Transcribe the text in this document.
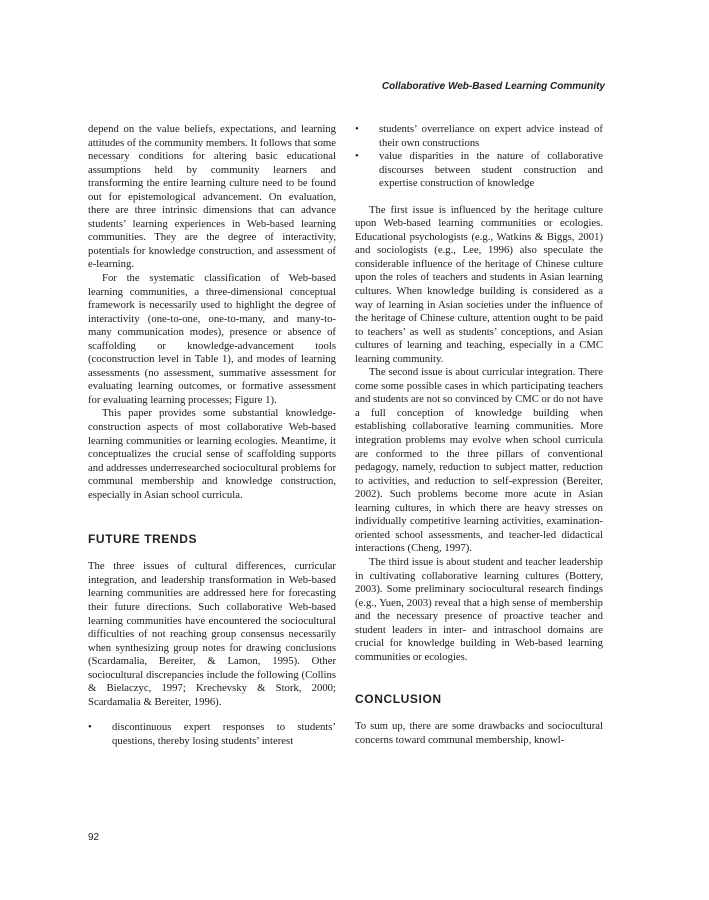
Collaborative Web-Based Learning Community

depend on the value beliefs, expectations, and learning attitudes of the community members. It follows that some necessary conditions for altering basic educational assumptions held by community learners and transforming the entire learning culture need to be found out for epistemological advancement. On evaluation, there are three intrinsic dimensions that can advance students’ learning experiences in Web-based learning communities. They are the degree of interactivity, potentials for knowledge construction, and assessment of e-learning.

For the systematic classification of Web-based learning communities, a three-dimensional conceptual framework is necessarily used to highlight the degree of interactivity (one-to-one, one-to-many, and many-to-many communication modes), presence or absence of scaffolding or knowledge-advancement tools (coconstruction level in Table 1), and modes of learning assessments (no assessment, summative assessment for evaluating learning outcomes, or formative assessment for evaluating learning processes; Figure 1).

This paper provides some substantial knowledge-construction aspects of most collaborative Web-based learning communities or learning ecologies. Meantime, it conceptualizes the crucial sense of scaffolding supports and addresses underresearched sociocultural problems for communal membership and knowledge construction, especially in Asian school curricula.

FUTURE TRENDS

The three issues of cultural differences, curricular integration, and leadership transformation in Web-based learning communities are addressed here for forecasting their future directions. Such collaborative Web-based learning communities have encountered the sociocultural difficulties of not reaching group consensus necessarily when synthesizing group notes for drawing conclusions (Scardamalia, Bereiter, & Lamon, 1995). Other sociocultural discrepancies include the following (Collins & Bielaczyc, 1997; Krechevsky & Stork, 2000; Scardamalia & Bereiter, 1996).

• discontinuous expert responses to students’ questions, thereby losing students’ interest
• students’ overreliance on expert advice instead of their own constructions
• value disparities in the nature of collaborative discourses between student construction and expertise construction of knowledge

The first issue is influenced by the heritage culture upon Web-based learning communities or ecologies. Educational psychologists (e.g., Watkins & Biggs, 2001) and sociologists (e.g., Lee, 1996) also speculate the considerable influence of the heritage of Chinese culture upon the roles of teachers and students in Asian learning cultures. When knowledge building is considered as a way of learning in Asian societies under the influence of the heritage of Chinese culture, attention ought to be paid to teachers’ as well as students’ conceptions, and Asian cultures of learning and teaching, especially in a CMC learning community.

The second issue is about curricular integration. There come some possible cases in which participating teachers and students are not so convinced by CMC or do not have a full conception of knowledge building when establishing collaborative learning communities. More integration problems may evolve when school curricula are conformed to the three pillars of conventional pedagogy, namely, reduction to subject matter, reduction to activities, and reduction to self-expression (Bereiter, 2002). Such problems become more acute in Asian learning cultures, in which there are heavy stresses on individually competitive learning activities, examination-oriented school assessments, and teacher-led didactical interactions (Cheng, 1997).

The third issue is about student and teacher leadership in cultivating collaborative learning cultures (Bottery, 2003). Some preliminary sociocultural research findings (e.g., Yuen, 2003) reveal that a high sense of membership and the necessary presence of proactive teacher and student leaders in inter- and intraschool domains are crucial for knowledge building in Web-based learning communities or ecologies.

CONCLUSION

To sum up, there are some drawbacks and sociocultural concerns toward communal membership, knowl-

92
